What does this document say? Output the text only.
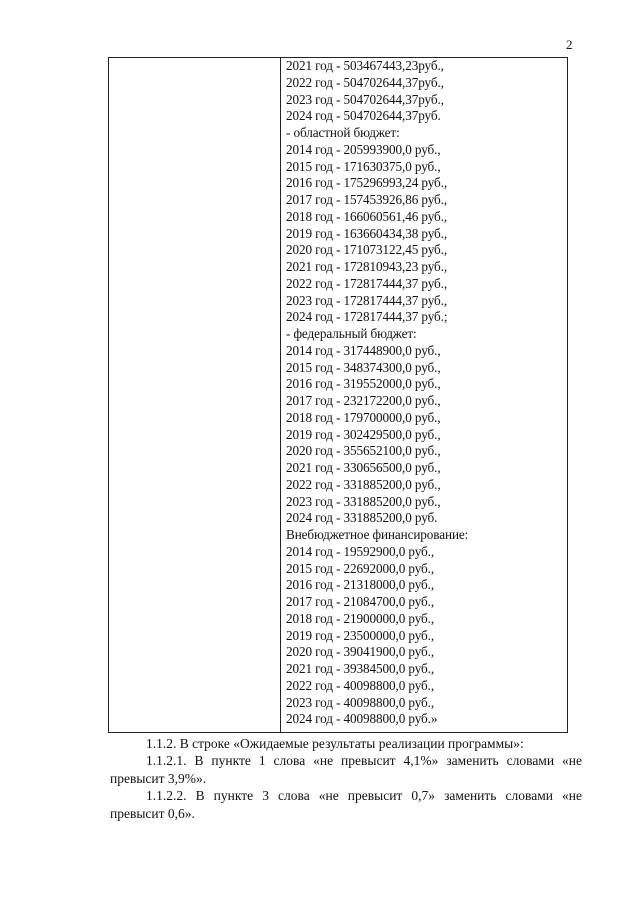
2
2021 год - 503467443,23руб.,
2022 год - 504702644,37руб.,
2023 год - 504702644,37руб.,
2024 год - 504702644,37руб.
- областной бюджет:
2014 год - 205993900,0 руб.,
2015 год - 171630375,0 руб.,
2016 год - 175296993,24 руб.,
2017 год - 157453926,86 руб.,
2018 год - 166060561,46 руб.,
2019 год - 163660434,38 руб.,
2020 год - 171073122,45 руб.,
2021 год - 172810943,23 руб.,
2022 год - 172817444,37 руб.,
2023 год - 172817444,37 руб.,
2024 год - 172817444,37 руб.;
- федеральный бюджет:
2014 год - 317448900,0 руб.,
2015 год - 348374300,0 руб.,
2016 год - 319552000,0 руб.,
2017 год - 232172200,0 руб.,
2018 год - 179700000,0 руб.,
2019 год - 302429500,0 руб.,
2020 год - 355652100,0 руб.,
2021 год - 330656500,0 руб.,
2022 год - 331885200,0 руб.,
2023 год - 331885200,0 руб.,
2024 год - 331885200,0 руб.
Внебюджетное финансирование:
2014 год - 19592900,0 руб.,
2015 год - 22692000,0 руб.,
2016 год - 21318000,0 руб.,
2017 год - 21084700,0 руб.,
2018 год - 21900000,0 руб.,
2019 год - 23500000,0 руб.,
2020 год - 39041900,0 руб.,
2021 год - 39384500,0 руб.,
2022 год - 40098800,0 руб.,
2023 год - 40098800,0 руб.,
2024 год - 40098800,0 руб.»
1.1.2. В строке «Ожидаемые результаты реализации программы»:
1.1.2.1. В пункте 1 слова «не превысит 4,1%» заменить словами «не превысит 3,9%».
1.1.2.2. В пункте 3 слова «не превысит 0,7» заменить словами «не превысит 0,6».
